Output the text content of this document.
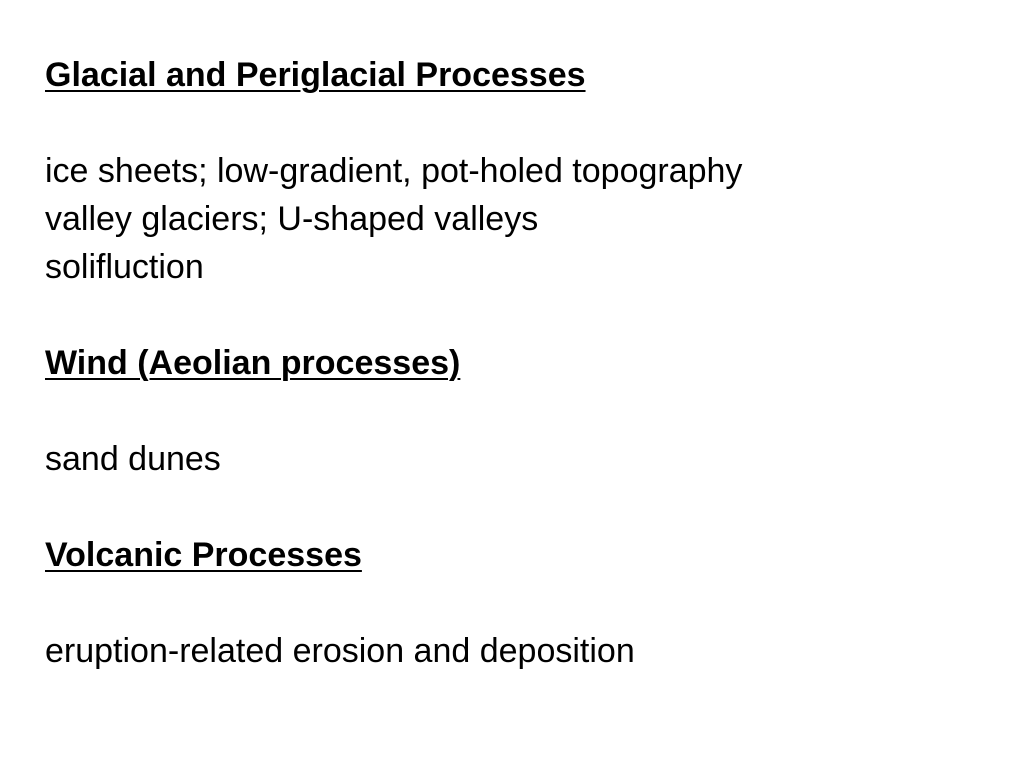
Glacial and Periglacial Processes
ice sheets; low-gradient, pot-holed topography
valley glaciers; U-shaped valleys
solifluction
Wind (Aeolian processes)
sand dunes
Volcanic Processes
eruption-related erosion and deposition
